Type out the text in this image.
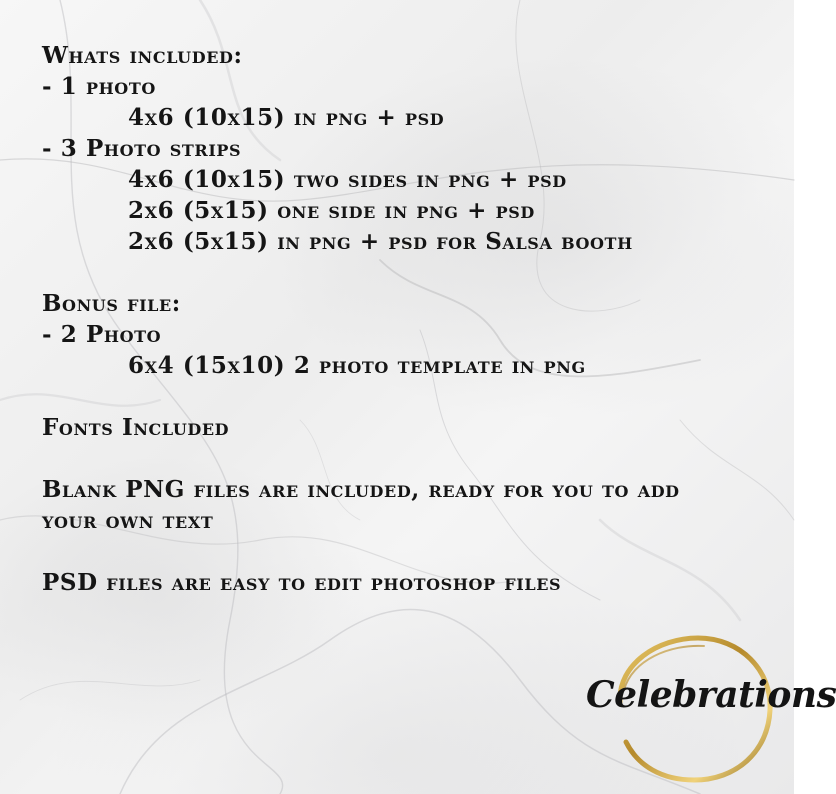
Whats included:
- 1 photo
4x6 (10x15) in png + psd
- 3 Photo strips
4x6 (10x15) two sides in png + psd
2x6 (5x15) one side in png + psd
2x6 (5x15) in png + psd for Salsa booth
Bonus file:
- 2 Photo
6x4 (15x10) 2 photo template in png
Fonts Included
Blank PNG files are included, ready for you to add your own text
PSD files are easy to edit photoshop files
Celebrations
